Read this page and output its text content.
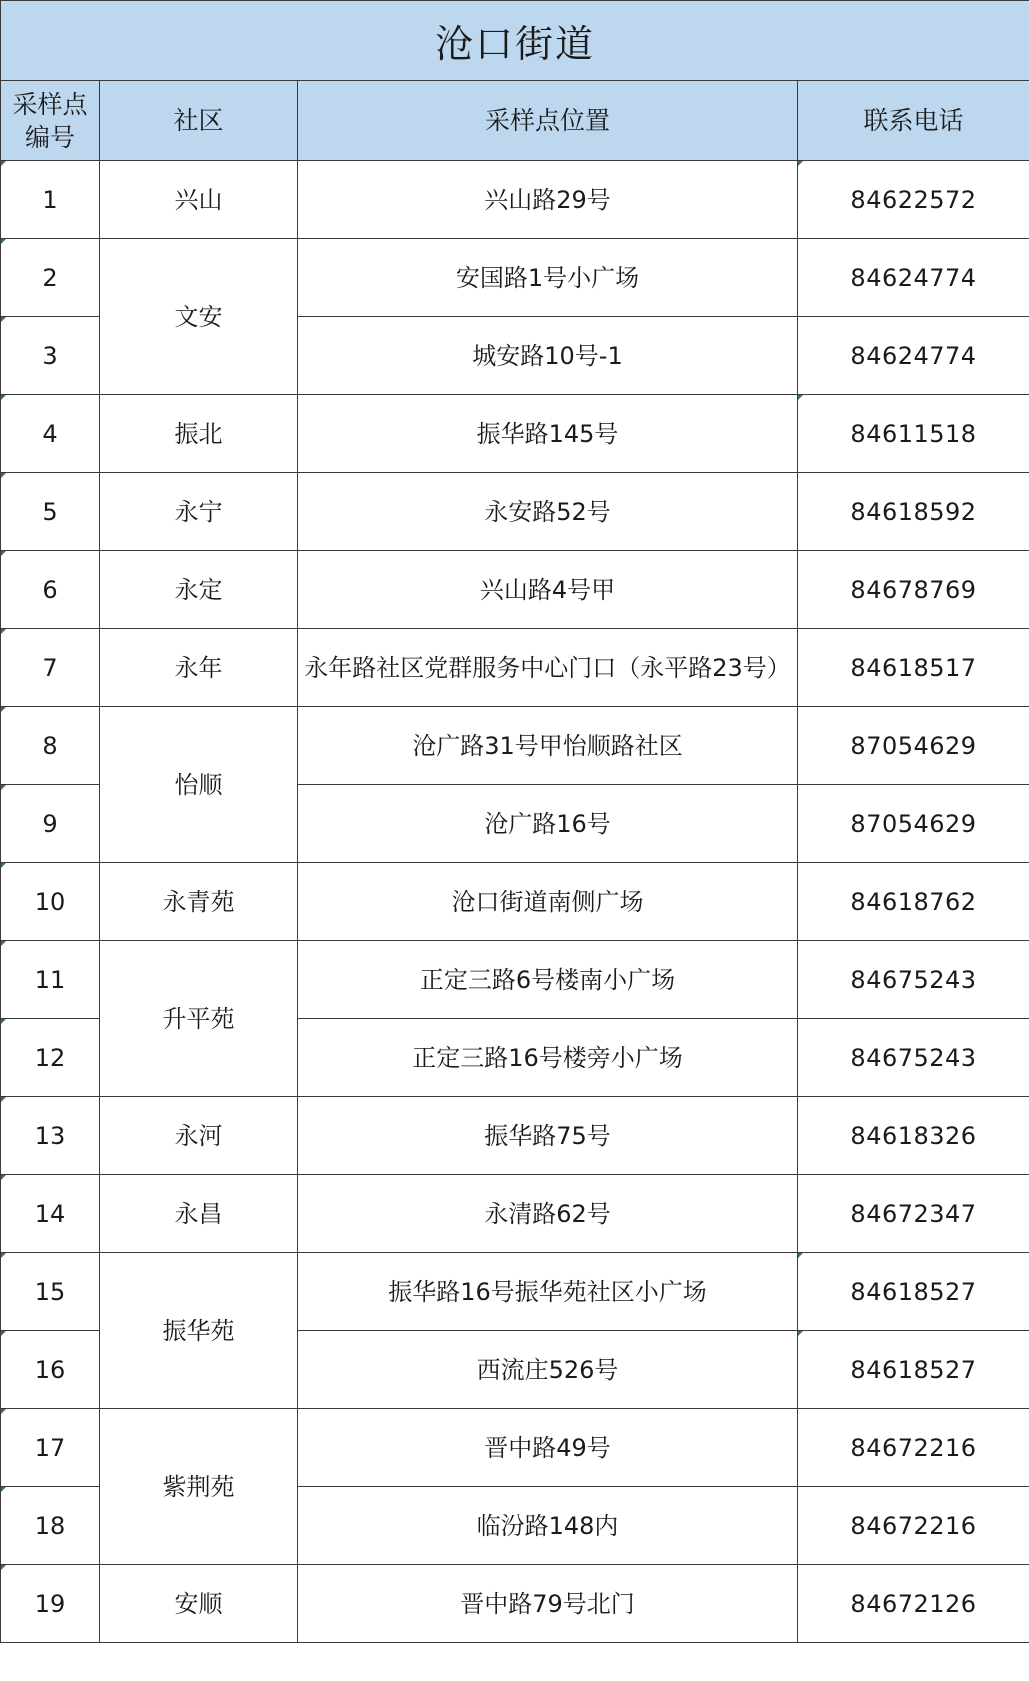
沧口街道			
采样点编号	社区	采样点位置	联系电话
1	兴山	兴山路29号	84622572
2	文安	安国路1号小广场	84624774
3		城安路10号-1	84624774
4	振北	振华路145号	84611518
5	永宁	永安路52号	84618592
6	永定	兴山路4号甲	84678769
7	永年	永年路社区党群服务中心门口（永平路23号）	84618517
8	怡顺	沧广路31号甲怡顺路社区	87054629
9		沧广路16号	87054629
10	永青苑	沧口街道南侧广场	84618762
11	升平苑	正定三路6号楼南小广场	84675243
12		正定三路16号楼旁小广场	84675243
13	永河	振华路75号	84618326
14	永昌	永清路62号	84672347
15	振华苑	振华路16号振华苑社区小广场	84618527
16		西流庄526号	84618527
17	紫荆苑	晋中路49号	84672216
18		临汾路148内	84672216
19	安顺	晋中路79号北门	84672126
